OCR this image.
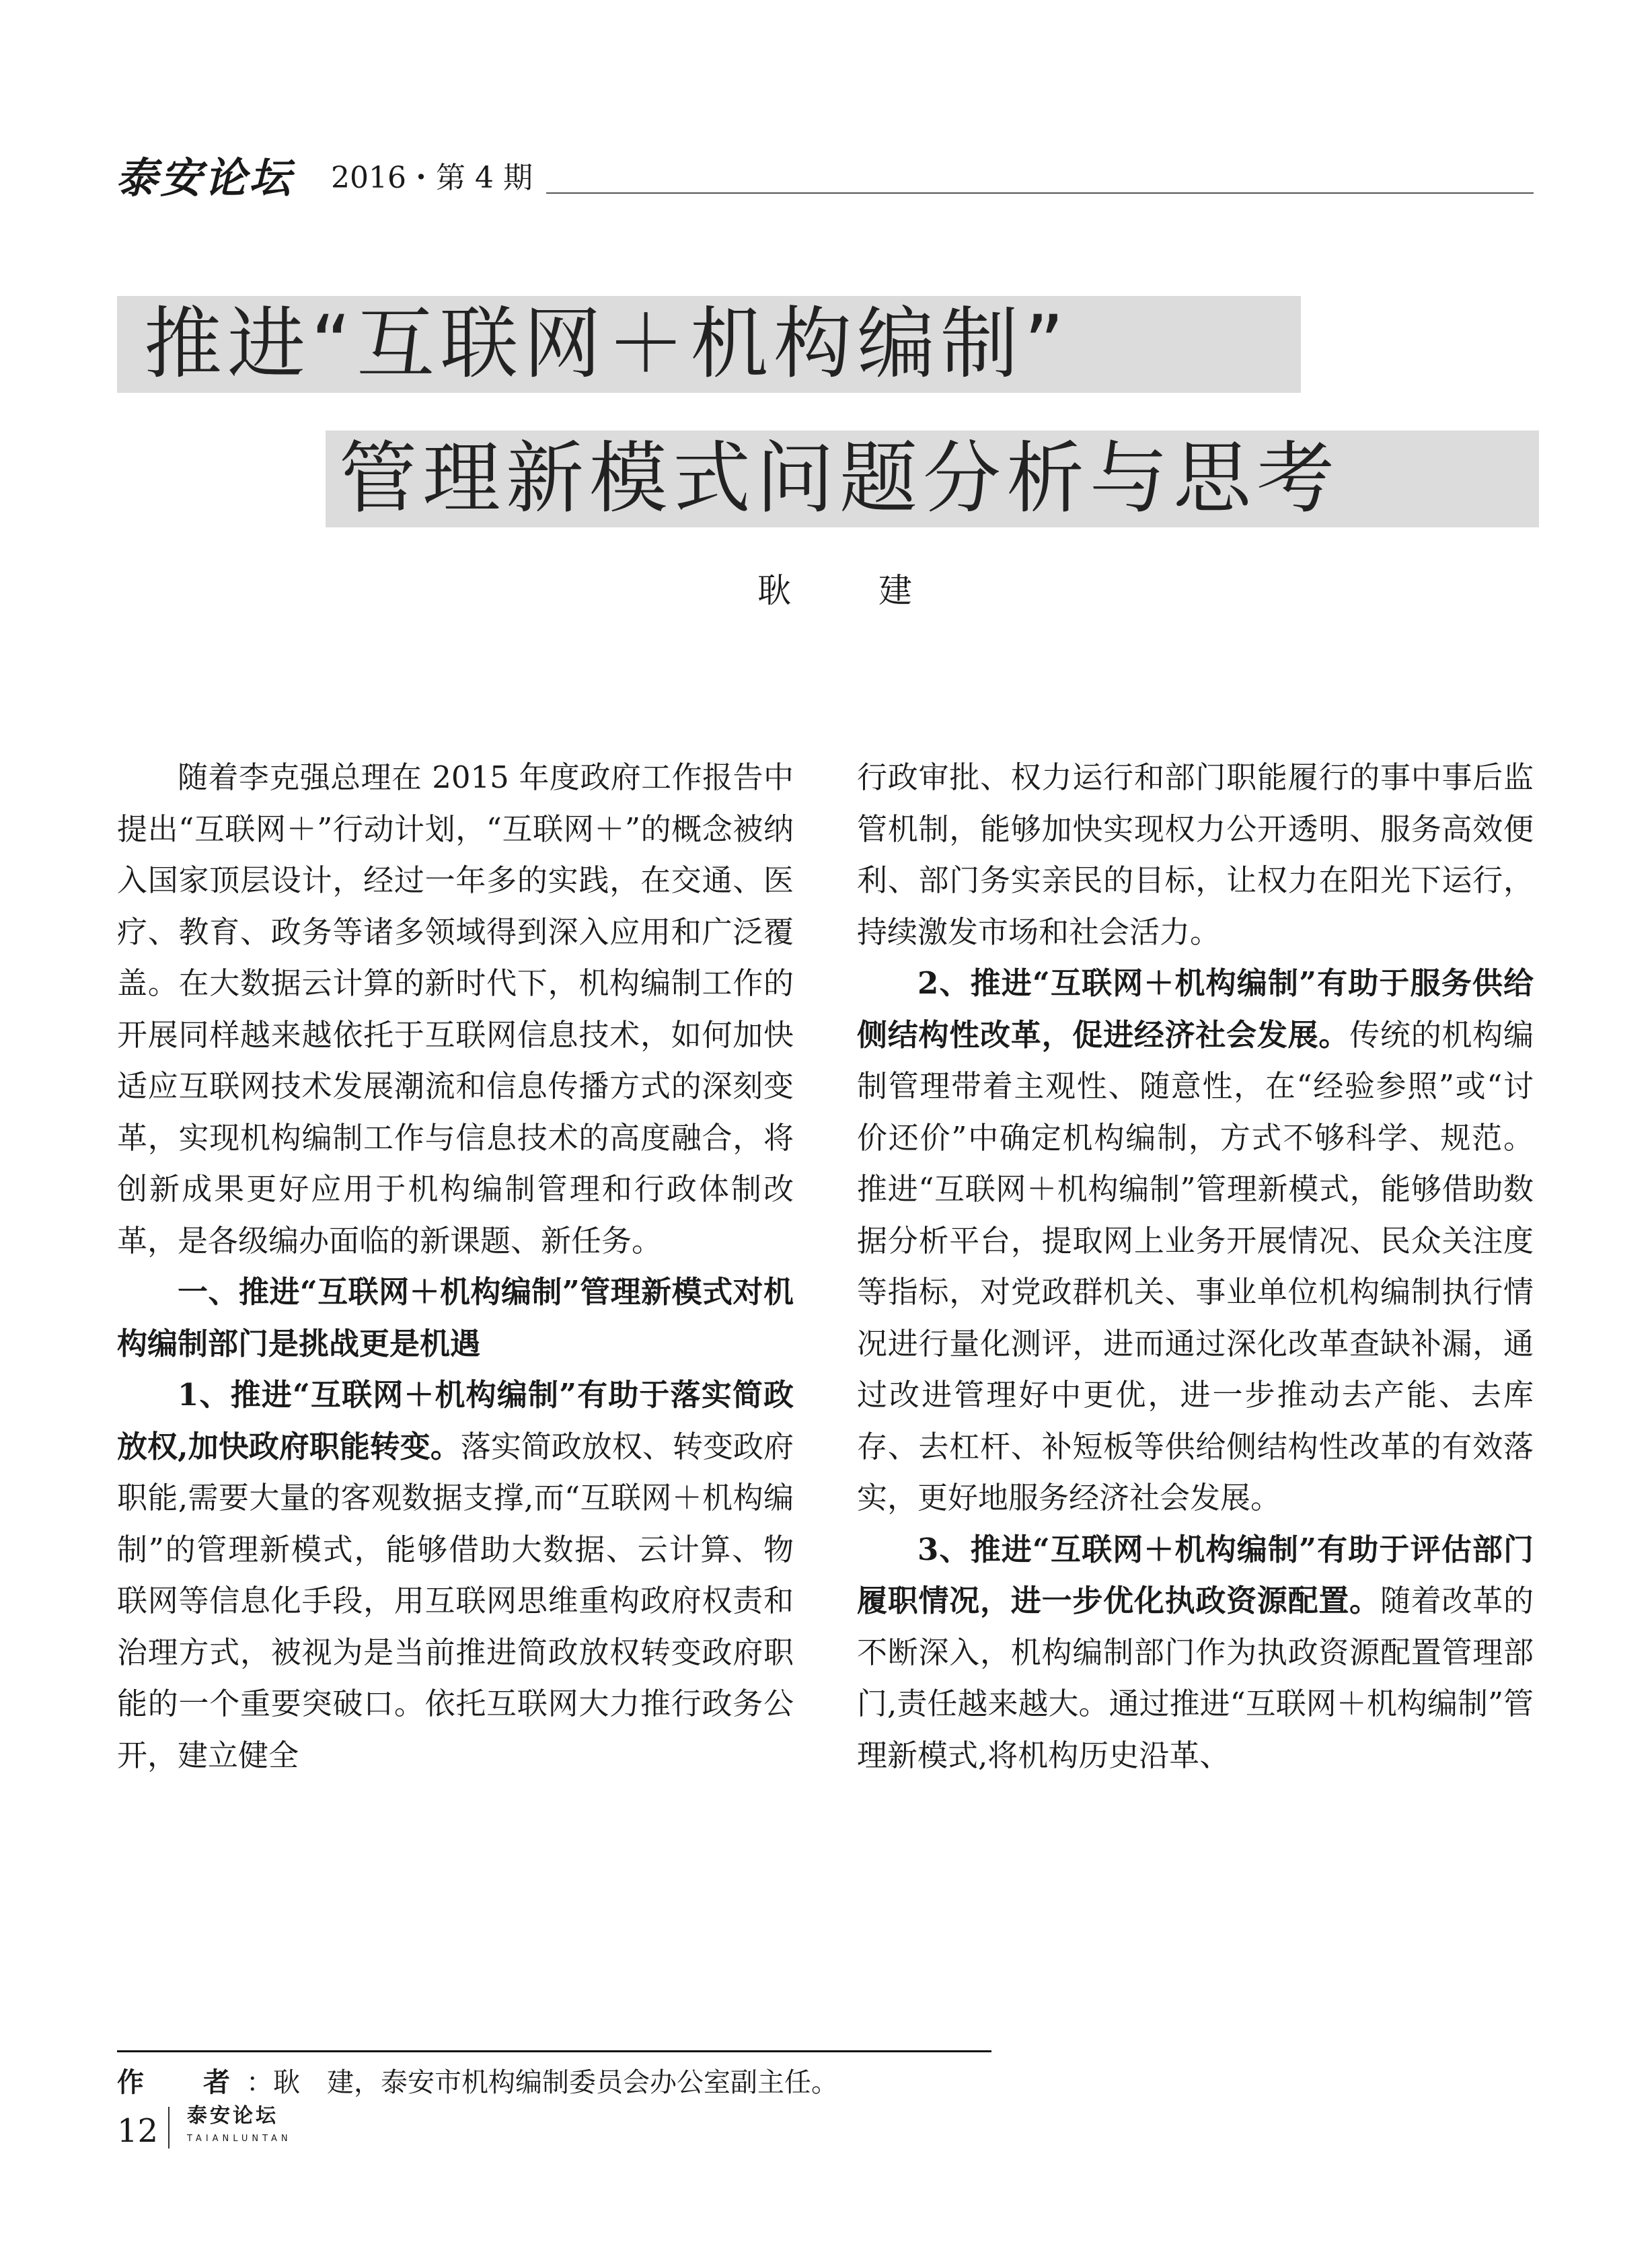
泰安论坛 2016・第 4 期
推进“互联网＋机构编制”
管理新模式问题分析与思考
耿　建

随着李克强总理在 2015 年度政府工作报告中提出“互联网＋”行动计划，“互联网＋”的概念被纳入国家顶层设计，经过一年多的实践，在交通、医疗、教育、政务等诸多领域得到深入应用和广泛覆盖。在大数据云计算的新时代下，机构编制工作的开展同样越来越依托于互联网信息技术，如何加快适应互联网技术发展潮流和信息传播方式的深刻变革，实现机构编制工作与信息技术的高度融合，将创新成果更好应用于机构编制管理和行政体制改革，是各级编办面临的新课题、新任务。

一、推进“互联网＋机构编制”管理新模式对机构编制部门是挑战更是机遇

1、推进“互联网＋机构编制”有助于落实简政放权,加快政府职能转变。落实简政放权、转变政府职能,需要大量的客观数据支撑,而“互联网＋机构编制”的管理新模式，能够借助大数据、云计算、物联网等信息化手段，用互联网思维重构政府权责和治理方式，被视为是当前推进简政放权转变政府职能的一个重要突破口。依托互联网大力推行政务公开，建立健全

行政审批、权力运行和部门职能履行的事中事后监管机制，能够加快实现权力公开透明、服务高效便利、部门务实亲民的目标，让权力在阳光下运行，持续激发市场和社会活力。

2、推进“互联网＋机构编制”有助于服务供给侧结构性改革，促进经济社会发展。传统的机构编制管理带着主观性、随意性，在“经验参照”或“讨价还价”中确定机构编制，方式不够科学、规范。推进“互联网＋机构编制”管理新模式，能够借助数据分析平台，提取网上业务开展情况、民众关注度等指标，对党政群机关、事业单位机构编制执行情况进行量化测评，进而通过深化改革查缺补漏，通过改进管理好中更优，进一步推动去产能、去库存、去杠杆、补短板等供给侧结构性改革的有效落实，更好地服务经济社会发展。

3、推进“互联网＋机构编制”有助于评估部门履职情况，进一步优化执政资源配置。随着改革的不断深入，机构编制部门作为执政资源配置管理部门,责任越来越大。通过推进“互联网＋机构编制”管理新模式,将机构历史沿革、

作　者：耿　建，泰安市机构编制委员会办公室副主任。
12 泰安论坛
TAIANLUNTAN
